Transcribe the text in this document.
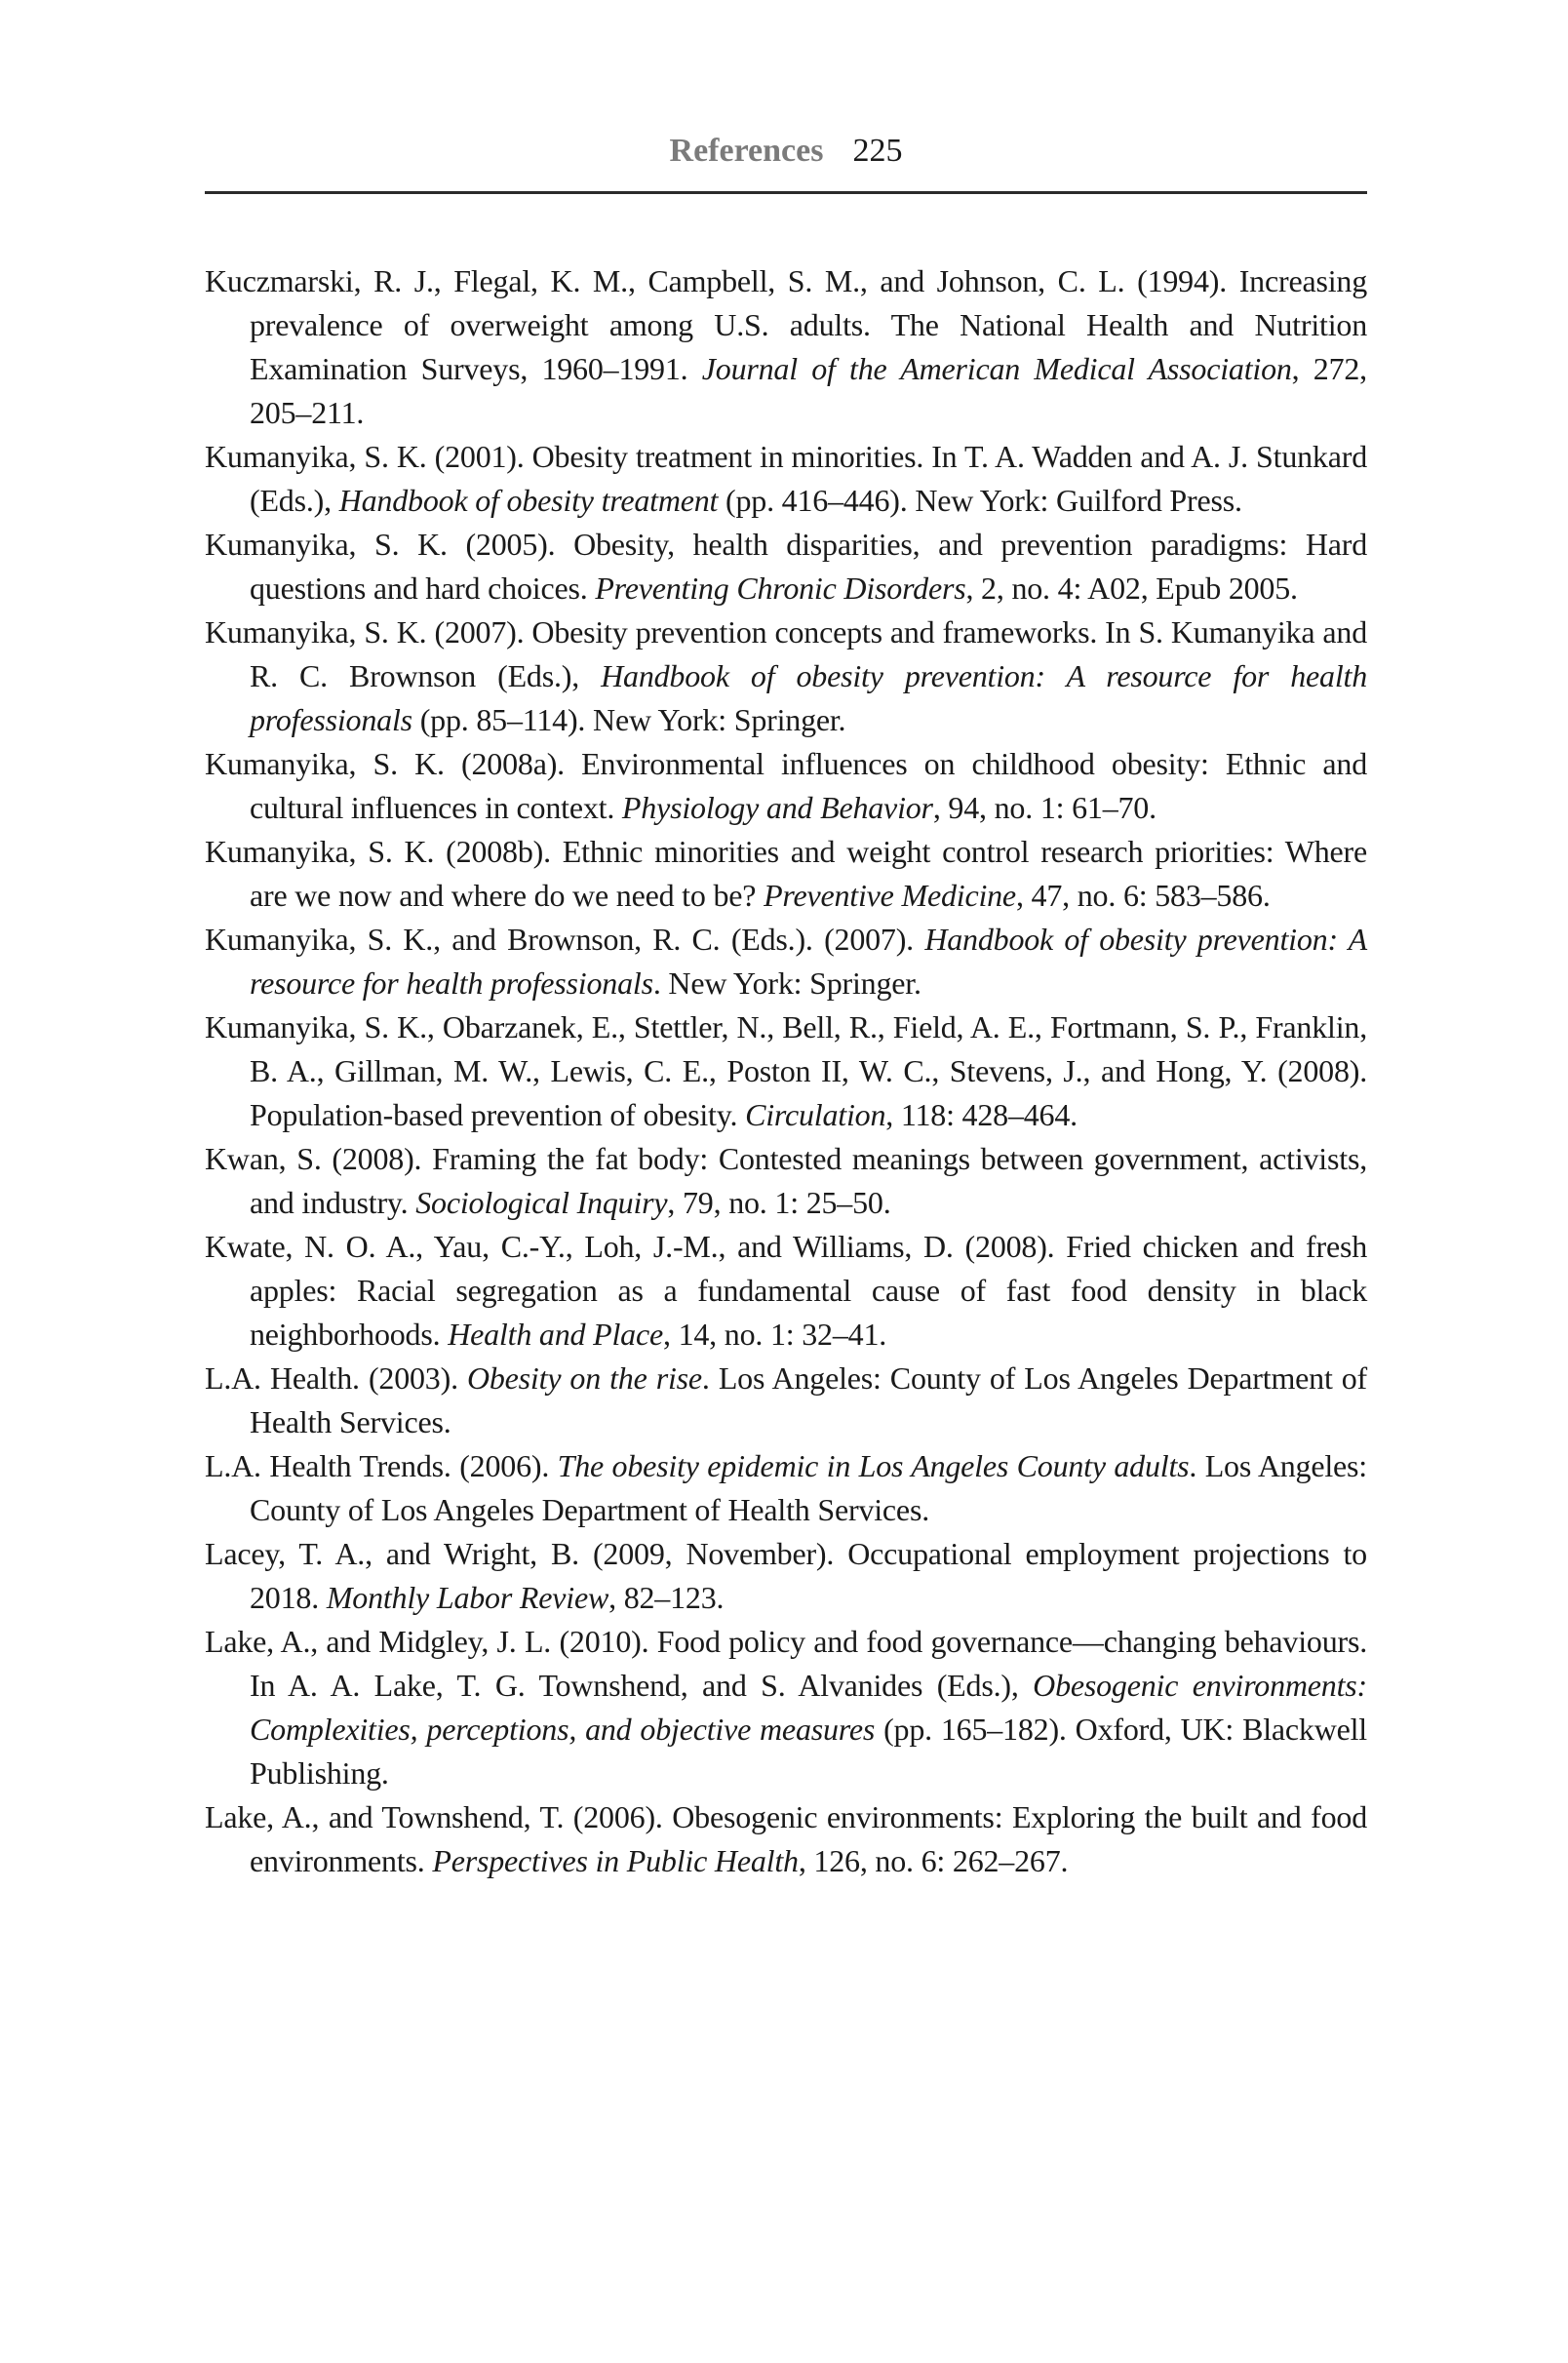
References 225

Kuczmarski, R. J., Flegal, K. M., Campbell, S. M., and Johnson, C. L. (1994). Increasing prevalence of overweight among U.S. adults. The National Health and Nutrition Examination Surveys, 1960–1991. Journal of the American Medical Association, 272, 205–211.

Kumanyika, S. K. (2001). Obesity treatment in minorities. In T. A. Wadden and A. J. Stunkard (Eds.), Handbook of obesity treatment (pp. 416–446). New York: Guilford Press.

Kumanyika, S. K. (2005). Obesity, health disparities, and prevention paradigms: Hard questions and hard choices. Preventing Chronic Disorders, 2, no. 4: A02, Epub 2005.

Kumanyika, S. K. (2007). Obesity prevention concepts and frameworks. In S. Kumanyika and R. C. Brownson (Eds.), Handbook of obesity prevention: A resource for health professionals (pp. 85–114). New York: Springer.

Kumanyika, S. K. (2008a). Environmental influences on childhood obesity: Ethnic and cultural influences in context. Physiology and Behavior, 94, no. 1: 61–70.

Kumanyika, S. K. (2008b). Ethnic minorities and weight control research priorities: Where are we now and where do we need to be? Preventive Medicine, 47, no. 6: 583–586.

Kumanyika, S. K., and Brownson, R. C. (Eds.). (2007). Handbook of obesity prevention: A resource for health professionals. New York: Springer.

Kumanyika, S. K., Obarzanek, E., Stettler, N., Bell, R., Field, A. E., Fortmann, S. P., Franklin, B. A., Gillman, M. W., Lewis, C. E., Poston II, W. C., Stevens, J., and Hong, Y. (2008). Population-based prevention of obesity. Circulation, 118: 428–464.

Kwan, S. (2008). Framing the fat body: Contested meanings between government, activists, and industry. Sociological Inquiry, 79, no. 1: 25–50.

Kwate, N. O. A., Yau, C.-Y., Loh, J.-M., and Williams, D. (2008). Fried chicken and fresh apples: Racial segregation as a fundamental cause of fast food density in black neighborhoods. Health and Place, 14, no. 1: 32–41.

L.A. Health. (2003). Obesity on the rise. Los Angeles: County of Los Angeles Department of Health Services.

L.A. Health Trends. (2006). The obesity epidemic in Los Angeles County adults. Los Angeles: County of Los Angeles Department of Health Services.

Lacey, T. A., and Wright, B. (2009, November). Occupational employment projections to 2018. Monthly Labor Review, 82–123.

Lake, A., and Midgley, J. L. (2010). Food policy and food governance—changing behaviours. In A. A. Lake, T. G. Townshend, and S. Alvanides (Eds.), Obesogenic environments: Complexities, perceptions, and objective measures (pp. 165–182). Oxford, UK: Blackwell Publishing.

Lake, A., and Townshend, T. (2006). Obesogenic environments: Exploring the built and food environments. Perspectives in Public Health, 126, no. 6: 262–267.
